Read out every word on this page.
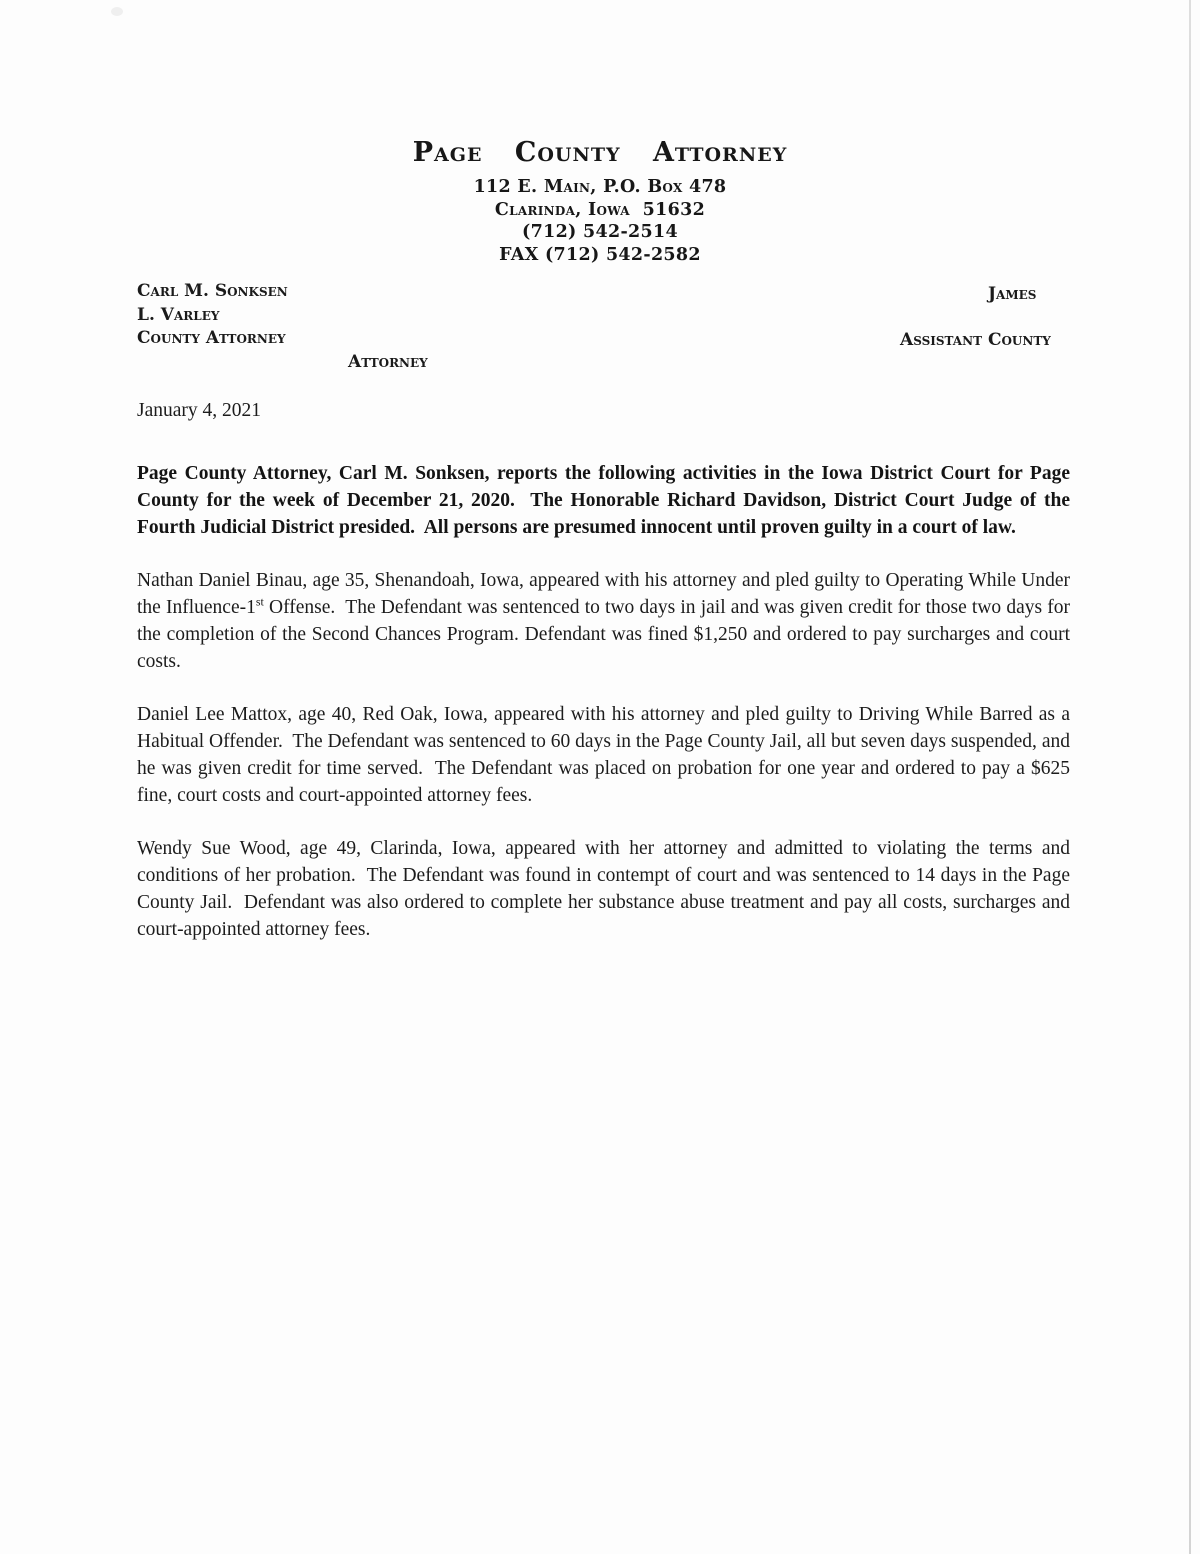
Page County Attorney
112 E. Main, P.O. Box 478
Clarinda, Iowa  51632
(712) 542-2514
FAX (712) 542-2582
Carl M. Sonksen
L. Varley
County Attorney
Attorney
James
Assistant County
January 4, 2021

Page County Attorney, Carl M. Sonksen, reports the following activities in the Iowa District Court for Page County for the week of December 21, 2020.  The Honorable Richard Davidson, District Court Judge of the Fourth Judicial District presided.  All persons are presumed innocent until proven guilty in a court of law.

Nathan Daniel Binau, age 35, Shenandoah, Iowa, appeared with his attorney and pled guilty to Operating While Under the Influence-1st Offense.  The Defendant was sentenced to two days in jail and was given credit for those two days for the completion of the Second Chances Program. Defendant was fined $1,250 and ordered to pay surcharges and court costs.

Daniel Lee Mattox, age 40, Red Oak, Iowa, appeared with his attorney and pled guilty to Driving While Barred as a Habitual Offender.  The Defendant was sentenced to 60 days in the Page County Jail, all but seven days suspended, and he was given credit for time served.  The Defendant was placed on probation for one year and ordered to pay a $625 fine, court costs and court-appointed attorney fees.

Wendy Sue Wood, age 49, Clarinda, Iowa, appeared with her attorney and admitted to violating the terms and conditions of her probation.  The Defendant was found in contempt of court and was sentenced to 14 days in the Page County Jail.  Defendant was also ordered to complete her substance abuse treatment and pay all costs, surcharges and court-appointed attorney fees.
